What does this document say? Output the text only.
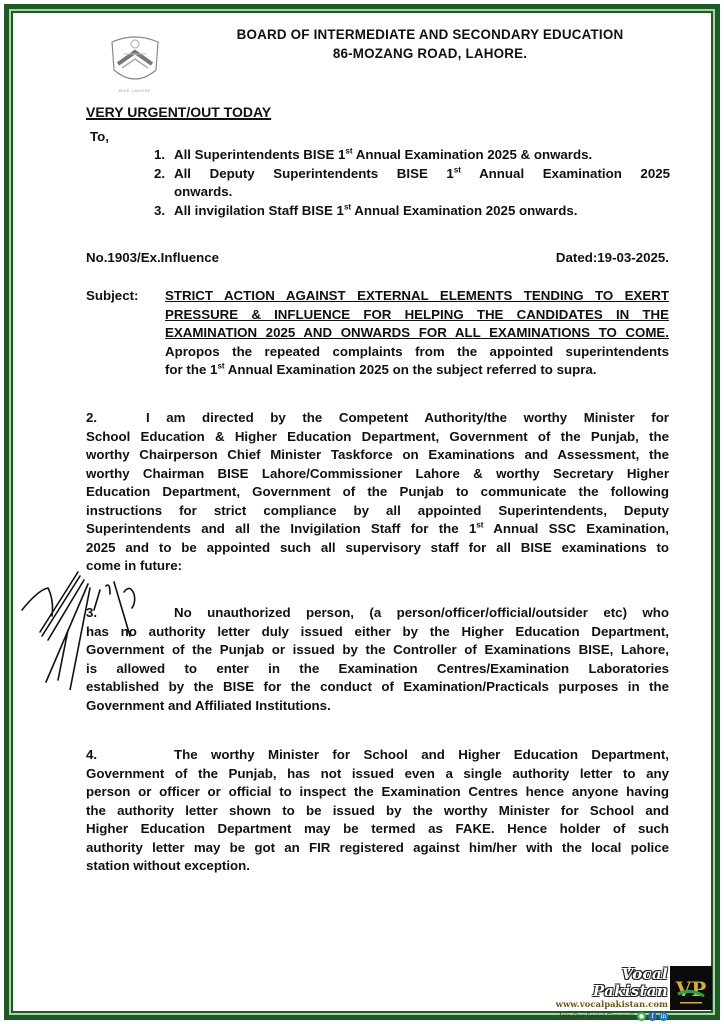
BISE LAHORE
BOARD OF INTERMEDIATE AND SECONDARY EDUCATION
86-MOZANG ROAD, LAHORE.
VERY URGENT/OUT TODAY
To,
1. All Superintendents BISE 1st Annual Examination 2025 & onwards.
2. All Deputy Superintendents BISE 1st Annual Examination 2025
onwards.
3. All invigilation Staff BISE 1st Annual Examination 2025 onwards.
No.1903/Ex.Influence	Dated:19-03-2025.
Subject: STRICT ACTION AGAINST EXTERNAL ELEMENTS TENDING TO EXERT
PRESSURE & INFLUENCE FOR HELPING THE CANDIDATES IN THE
EXAMINATION 2025 AND ONWARDS FOR ALL EXAMINATIONS TO COME.
Apropos the repeated complaints from the appointed superintendents
for the 1st Annual Examination 2025 on the subject referred to supra.
2.	I am directed by the Competent Authority/the worthy Minister for
School Education & Higher Education Department, Government of the Punjab, the
worthy Chairperson Chief Minister Taskforce on Examinations and Assessment, the
worthy Chairman BISE Lahore/Commissioner Lahore & worthy Secretary Higher
Education Department, Government of the Punjab to communicate the following
instructions for strict compliance by all appointed Superintendents, Deputy
Superintendents and all the Invigilation Staff for the 1st Annual SSC Examination,
2025 and to be appointed such all supervisory staff for all BISE examinations to
come in future:
3.	No unauthorized person, (a person/officer/official/outsider etc) who
has no authority letter duly issued either by the Higher Education Department,
Government of the Punjab or issued by the Controller of Examinations BISE, Lahore,
is allowed to enter in the Examination Centres/Examination Laboratories
established by the BISE for the conduct of Examination/Practicals purposes in the
Government and Affiliated Institutions.
4.	The worthy Minister for School and Higher Education Department,
Government of the Punjab, has not issued even a single authority letter to any
person or officer or official to inspect the Examination Centres hence anyone having
the authority letter shown to be issued by the worthy Minister for School and
Higher Education Department may be termed as FAKE. Hence holder of such
authority letter may be got an FIR registered against him/her with the local police
station without exception.
Vocal Pakistan
www.vocalpakistan.com
Join Our Social Groups@ ●	f	in
VP
